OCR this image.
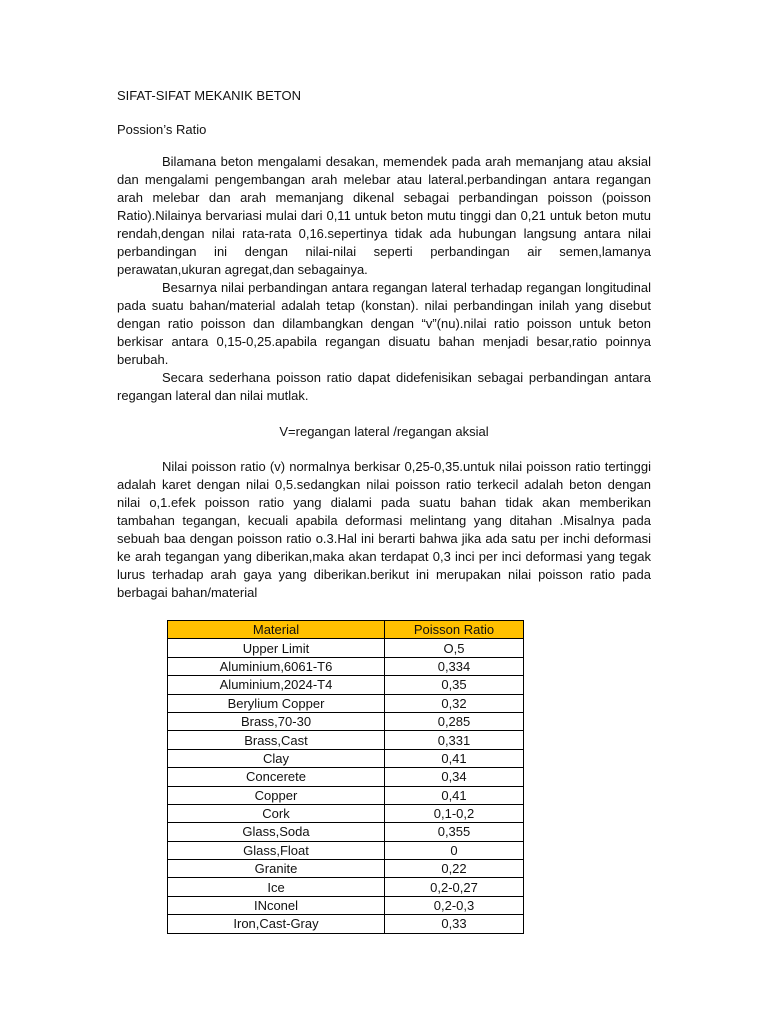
SIFAT-SIFAT MEKANIK BETON
Possion’s Ratio

Bilamana beton mengalami desakan, memendek pada arah memanjang atau aksial dan mengalami pengembangan arah melebar atau lateral.perbandingan antara regangan arah melebar dan arah memanjang dikenal sebagai perbandingan poisson (poisson Ratio).Nilainya bervariasi mulai dari 0,11 untuk beton mutu tinggi dan 0,21 untuk beton mutu rendah,dengan nilai rata-rata 0,16.sepertinya tidak ada hubungan langsung antara nilai perbandingan ini dengan nilai-nilai seperti perbandingan air semen,lamanya perawatan,ukuran agregat,dan sebagainya.

Besarnya nilai perbandingan antara regangan lateral terhadap regangan longitudinal pada suatu bahan/material adalah tetap (konstan). nilai perbandingan inilah yang disebut dengan ratio poisson dan dilambangkan dengan “v”(nu).nilai ratio poisson untuk beton berkisar antara 0,15-0,25.apabila regangan disuatu bahan menjadi besar,ratio poinnya berubah.

Secara sederhana poisson ratio dapat didefenisikan sebagai perbandingan antara regangan lateral dan nilai mutlak.

V=regangan lateral /regangan aksial

Nilai poisson ratio (v) normalnya berkisar 0,25-0,35.untuk nilai poisson ratio tertinggi adalah karet dengan nilai 0,5.sedangkan nilai poisson ratio terkecil adalah beton dengan nilai o,1.efek poisson ratio yang dialami pada suatu bahan tidak akan memberikan tambahan tegangan, kecuali apabila deformasi melintang yang ditahan .Misalnya pada sebuah baa dengan poisson ratio o.3.Hal ini berarti bahwa jika ada satu per inchi deformasi ke arah tegangan yang diberikan,maka akan terdapat 0,3 inci per inci deformasi yang tegak lurus terhadap arah gaya yang diberikan.berikut ini merupakan nilai poisson ratio pada berbagai bahan/material

Material	Poisson Ratio
Upper Limit	O,5
Aluminium,6061-T6	0,334
Aluminium,2024-T4	0,35
Berylium Copper	0,32
Brass,70-30	0,285
Brass,Cast	0,331
Clay	0,41
Concerete	0,34
Copper	0,41
Cork	0,1-0,2
Glass,Soda	0,355
Glass,Float	0
Granite	0,22
Ice	0,2-0,27
INconel	0,2-0,3
Iron,Cast-Gray	0,33
